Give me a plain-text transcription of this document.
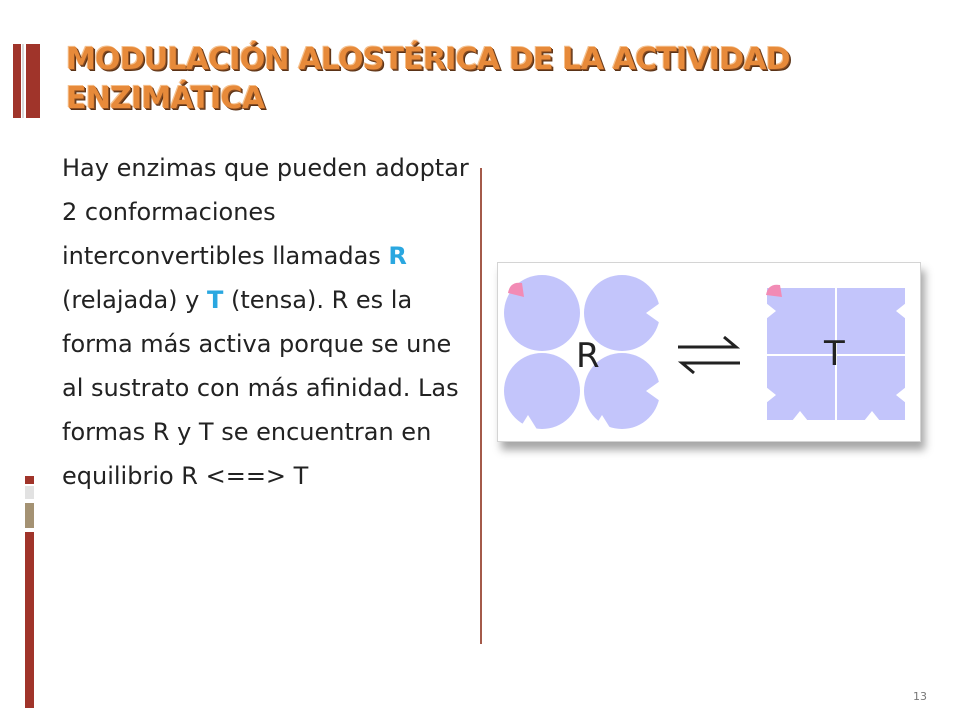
MODULACIÓN ALOSTÉRICA DE LA ACTIVIDAD
ENZIMÁTICA

Hay enzimas que pueden adoptar 2 conformaciones interconvertibles llamadas R (relajada) y T (tensa). R es la forma más activa porque se une al sustrato con más afinidad. Las formas R y T se encuentran en equilibrio R <==> T

R	T
13
